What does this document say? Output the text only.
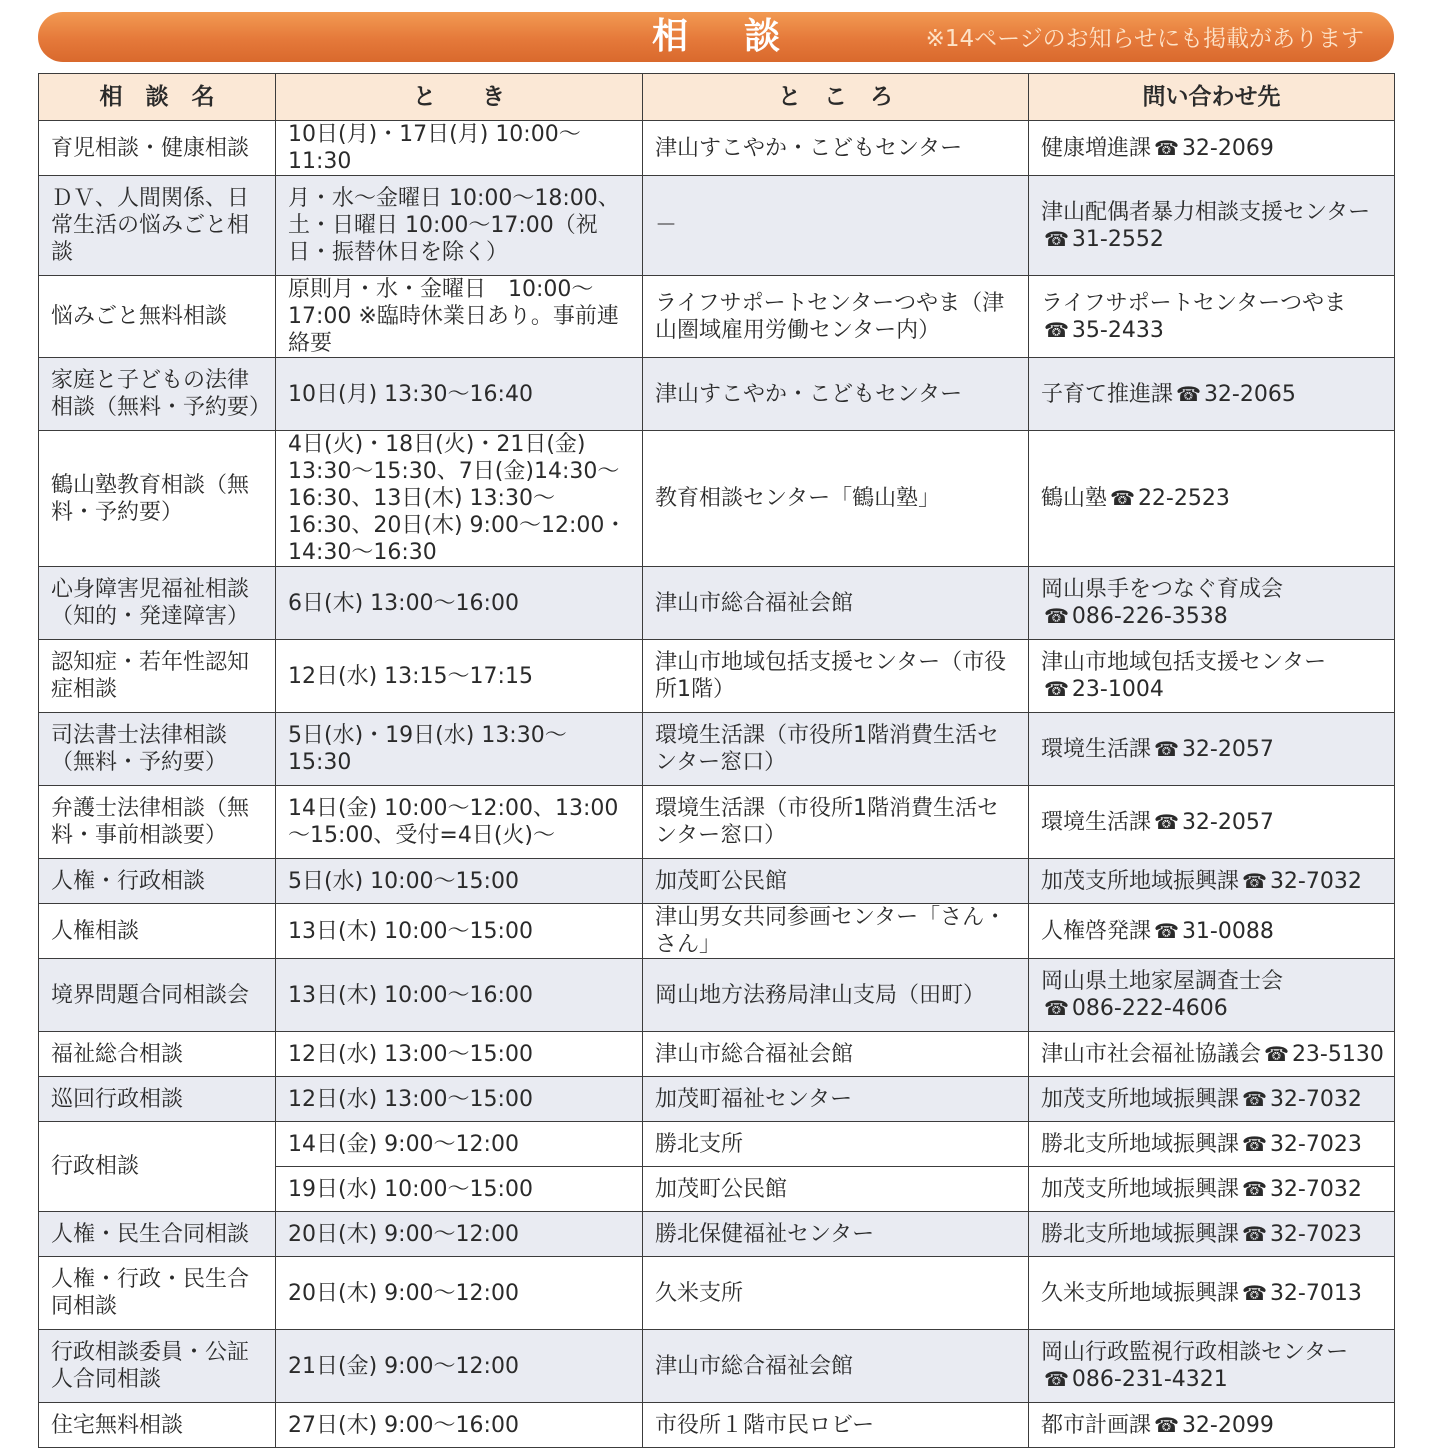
相談	※14ページのお知らせにも掲載があります
相　談　名	と　　き	と　こ　ろ	問い合わせ先
育児相談・健康相談	10日(月)・17日(月) 10:00～11:30	津山すこやか・こどもセンター	健康増進課 ☎ 32-2069
ＤＶ、人間関係、日常生活の悩みごと相談	月・水～金曜日 10:00～18:00、土・日曜日 10:00～17:00（祝日・振替休日を除く）	－	津山配偶者暴力相談支援センター☎ 31-2552
悩みごと無料相談	原則月・水・金曜日　10:00～17:00 ※臨時休業日あり。事前連絡要	ライフサポートセンターつやま（津山圏域雇用労働センター内）	ライフサポートセンターつやま
☎ 35-2433
家庭と子どもの法律相談（無料・予約要）	10日(月) 13:30～16:40	津山すこやか・こどもセンター	子育て推進課 ☎ 32-2065
鶴山塾教育相談（無料・予約要）	4日(火)・18日(火)・21日(金) 13:30～15:30、7日(金)14:30～16:30、13日(木) 13:30～16:30、20日(木) 9:00～12:00・14:30～16:30	教育相談センター「鶴山塾」	鶴山塾 ☎ 22-2523
心身障害児福祉相談（知的・発達障害）	6日(木) 13:00～16:00	津山市総合福祉会館	岡山県手をつなぐ育成会
☎ 086-226-3538
認知症・若年性認知症相談	12日(水) 13:15～17:15	津山市地域包括支援センター（市役所1階）	津山市地域包括支援センター
☎ 23-1004
司法書士法律相談（無料・予約要）	5日(水)・19日(水) 13:30～15:30	環境生活課（市役所1階消費生活センター窓口）	環境生活課 ☎ 32-2057
弁護士法律相談（無料・事前相談要）	14日(金) 10:00～12:00、13:00～15:00、受付=4日(火)～	環境生活課（市役所1階消費生活センター窓口）	環境生活課 ☎ 32-2057
人権・行政相談	5日(水) 10:00～15:00	加茂町公民館	加茂支所地域振興課 ☎ 32-7032
人権相談	13日(木) 10:00～15:00	津山男女共同参画センター「さん・さん」	人権啓発課 ☎ 31-0088
境界問題合同相談会	13日(木) 10:00～16:00	岡山地方法務局津山支局（田町）	岡山県土地家屋調査士会
☎ 086-222-4606
福祉総合相談	12日(水) 13:00～15:00	津山市総合福祉会館	津山市社会福祉協議会 ☎ 23-5130
巡回行政相談	12日(水) 13:00～15:00	加茂町福祉センター	加茂支所地域振興課 ☎ 32-7032
行政相談	14日(金) 9:00～12:00	勝北支所	勝北支所地域振興課 ☎ 32-7023
	19日(水) 10:00～15:00	加茂町公民館	加茂支所地域振興課 ☎ 32-7032
人権・民生合同相談	20日(木) 9:00～12:00	勝北保健福祉センター	勝北支所地域振興課 ☎ 32-7023
人権・行政・民生合同相談	20日(木) 9:00～12:00	久米支所	久米支所地域振興課 ☎ 32-7013
行政相談委員・公証人合同相談	21日(金) 9:00～12:00	津山市総合福祉会館	岡山行政監視行政相談センター
☎ 086-231-4321
住宅無料相談	27日(木) 9:00～16:00	市役所１階市民ロビー	都市計画課 ☎ 32-2099
